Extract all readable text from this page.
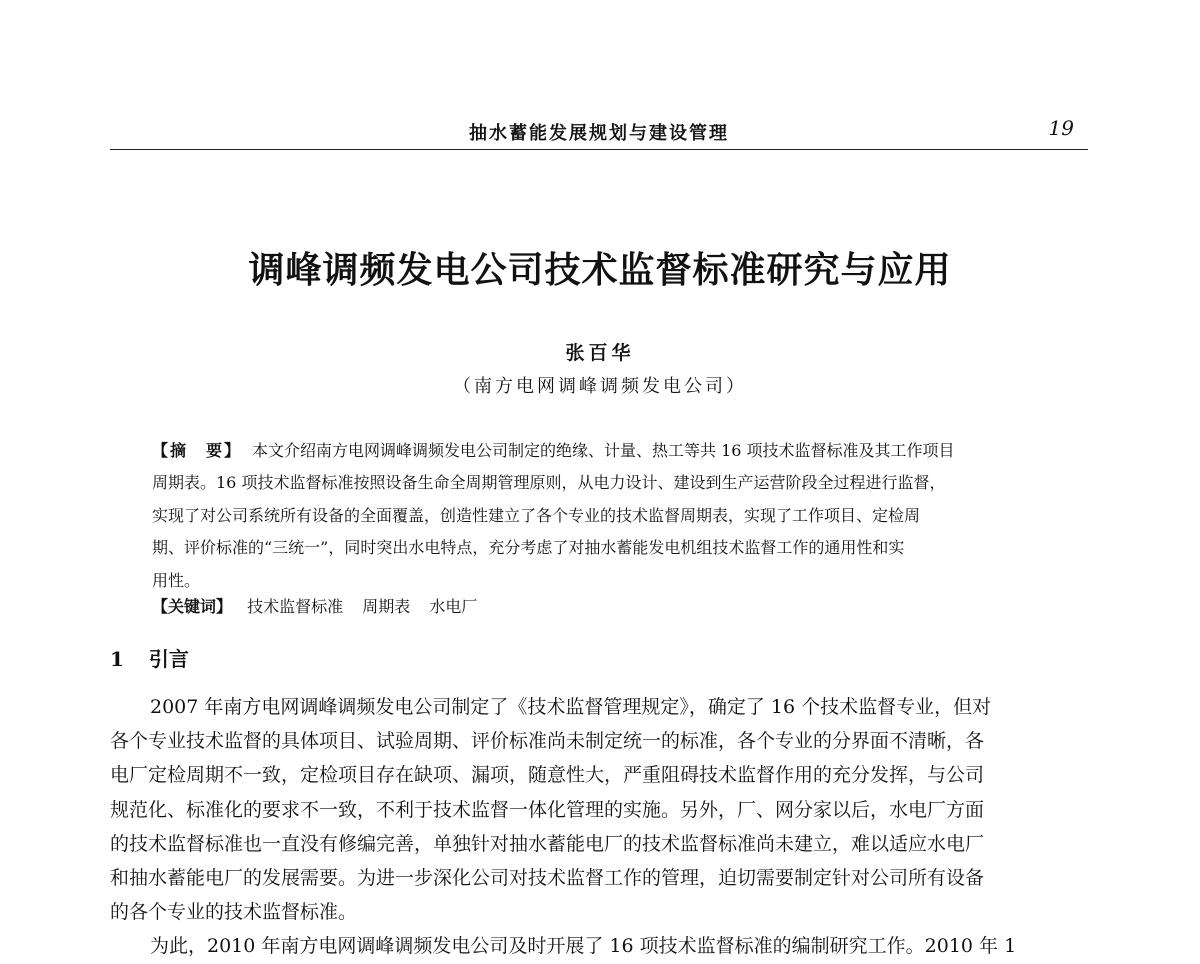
抽水蓄能发展规划与建设管理	19
调峰调频发电公司技术监督标准研究与应用
张百华
（南方电网调峰调频发电公司）
【摘　要】 本文介绍南方电网调峰调频发电公司制定的绝缘、计量、热工等共 16 项技术监督标准及其工作项目
周期表。16 项技术监督标准按照设备生命全周期管理原则，从电力设计、建设到生产运营阶段全过程进行监督，
实现了对公司系统所有设备的全面覆盖，创造性建立了各个专业的技术监督周期表，实现了工作项目、定检周
期、评价标准的“三统一”，同时突出水电特点，充分考虑了对抽水蓄能发电机组技术监督工作的通用性和实
用性。
【关键词】 技术监督标准 周期表 水电厂
1 引言
2007 年南方电网调峰调频发电公司制定了《技术监督管理规定》，确定了 16 个技术监督专业，但对
各个专业技术监督的具体项目、试验周期、评价标准尚未制定统一的标准，各个专业的分界面不清晰，各
电厂定检周期不一致，定检项目存在缺项、漏项，随意性大，严重阻碍技术监督作用的充分发挥，与公司
规范化、标准化的要求不一致，不利于技术监督一体化管理的实施。另外，厂、网分家以后，水电厂方面
的技术监督标准也一直没有修编完善，单独针对抽水蓄能电厂的技术监督标准尚未建立，难以适应水电厂
和抽水蓄能电厂的发展需要。为进一步深化公司对技术监督工作的管理，迫切需要制定针对公司所有设备
的各个专业的技术监督标准。
为此，2010 年南方电网调峰调频发电公司及时开展了 16 项技术监督标准的编制研究工作。2010 年 1
